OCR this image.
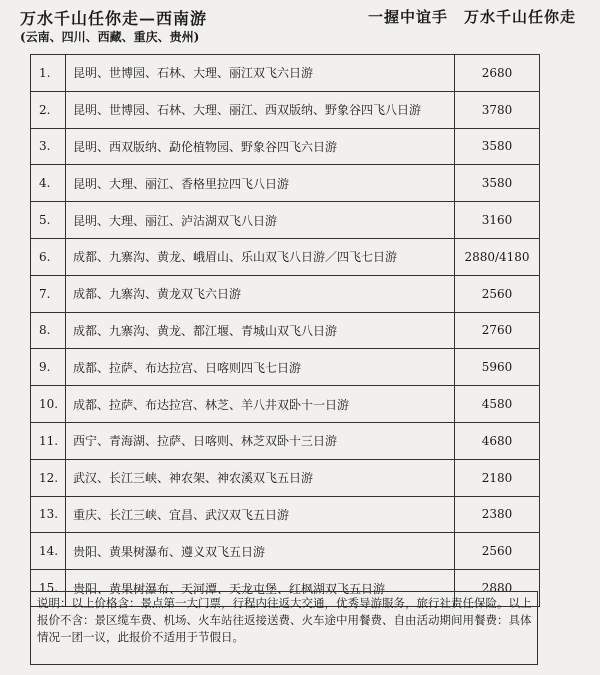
万水千山任你走—西南游
(云南、四川、西藏、重庆、贵州)
一握中谊手　万水千山任你走
1.	昆明、世博园、石林、大理、丽江双飞六日游	2680
2.	昆明、世博园、石林、大理、丽江、西双版纳、野象谷四飞八日游	3780
3.	昆明、西双版纳、勐伦植物园、野象谷四飞六日游	3580
4.	昆明、大理、丽江、香格里拉四飞八日游	3580
5.	昆明、大理、丽江、泸沽湖双飞八日游	3160
6.	成都、九寨沟、黄龙、峨眉山、乐山双飞八日游／四飞七日游	2880/4180
7.	成都、九寨沟、黄龙双飞六日游	2560
8.	成都、九寨沟、黄龙、都江堰、青城山双飞八日游	2760
9.	成都、拉萨、布达拉宫、日喀则四飞七日游	5960
10.	成都、拉萨、布达拉宫、林芝、羊八井双卧十一日游	4580
11.	西宁、青海湖、拉萨、日喀则、林芝双卧十三日游	4680
12.	武汉、长江三峡、神农架、神农溪双飞五日游	2180
13.	重庆、长江三峡、宜昌、武汉双飞五日游	2380
14.	贵阳、黄果树瀑布、遵义双飞五日游	2560
15.	贵阳、黄果树瀑布、天河潭、天龙屯堡、红枫湖双飞五日游	2880
说明：以上价格含：景点第一大门票，行程内往返大交通，优秀导游服务，旅行社责任保险。以上报价不含：景区缆车费、机场、火车站往返接送费、火车途中用餐费、自由活动期间用餐费：具体情况一团一议，此报价不适用于节假日。
